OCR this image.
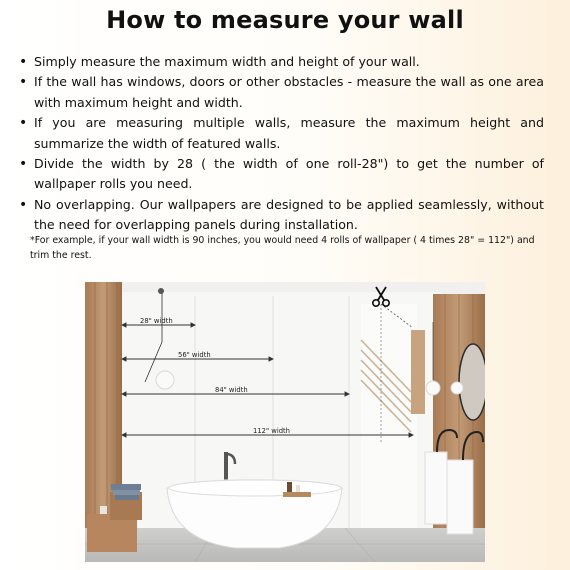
How to measure your wall
• Simply measure the maximum width and height of your wall.
• If the wall has windows, doors or other obstacles - measure the wall as one area with maximum height and width.
• If you are measuring multiple walls, measure the maximum height and summarize the width of featured walls.
• Divide the width by 28 ( the width of one roll-28") to get the number of wallpaper rolls you need.
• No overlapping. Our wallpapers are designed to be applied seamlessly, without the need for overlapping panels during installation.
*For example, if your wall width is 90 inches, you would need 4 rolls of wallpaper ( 4 times 28" = 112") and trim the rest.
28" width
56" width
84" width
112" width
